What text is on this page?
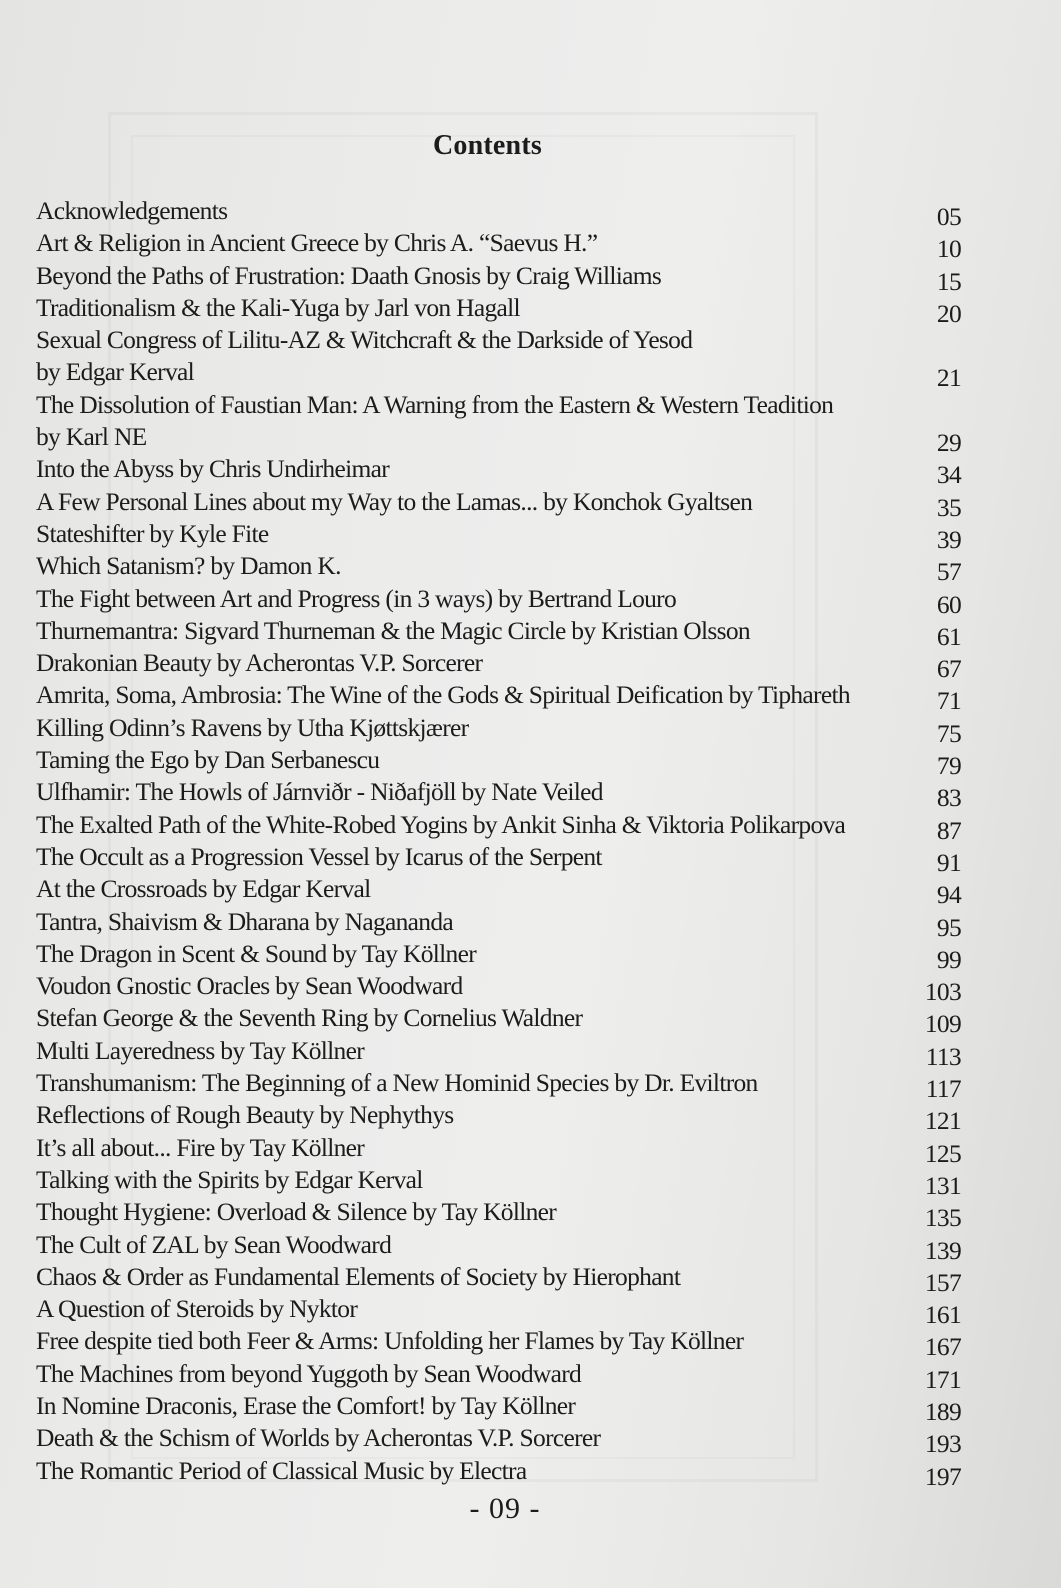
Contents
Acknowledgements	05
Art & Religion in Ancient Greece by Chris A. “Saevus H.”	10
Beyond the Paths of Frustration: Daath Gnosis by Craig Williams	15
Traditionalism & the Kali-Yuga by Jarl von Hagall	20
Sexual Congress of Lilitu-AZ & Witchcraft & the Darkside of Yesod
by Edgar Kerval	21
The Dissolution of Faustian Man: A Warning from the Eastern & Western Teadition
by Karl NE	29
Into the Abyss by Chris Undirheimar	34
A Few Personal Lines about my Way to the Lamas... by Konchok Gyaltsen	35
Stateshifter by Kyle Fite	39
Which Satanism? by Damon K.	57
The Fight between Art and Progress (in 3 ways) by Bertrand Louro	60
Thurnemantra: Sigvard Thurneman & the Magic Circle by Kristian Olsson	61
Drakonian Beauty by Acherontas V.P. Sorcerer	67
Amrita, Soma, Ambrosia: The Wine of the Gods & Spiritual Deification by Tiphareth	71
Killing Odinn’s Ravens by Utha Kjøttskjærer	75
Taming the Ego by Dan Serbanescu	79
Ulfhamir: The Howls of Járnviðr - Niðafjöll by Nate Veiled	83
The Exalted Path of the White-Robed Yogins by Ankit Sinha & Viktoria Polikarpova	87
The Occult as a Progression Vessel by Icarus of the Serpent	91
At the Crossroads by Edgar Kerval	94
Tantra, Shaivism & Dharana by Nagananda	95
The Dragon in Scent & Sound by Tay Köllner	99
Voudon Gnostic Oracles by Sean Woodward	103
Stefan George & the Seventh Ring by Cornelius Waldner	109
Multi Layeredness by Tay Köllner	113
Transhumanism: The Beginning of a New Hominid Species by Dr. Eviltron	117
Reflections of Rough Beauty by Nephythys	121
It’s all about... Fire by Tay Köllner	125
Talking with the Spirits by Edgar Kerval	131
Thought Hygiene: Overload & Silence by Tay Köllner	135
The Cult of ZAL by Sean Woodward	139
Chaos & Order as Fundamental Elements of Society by Hierophant	157
A Question of Steroids by Nyktor	161
Free despite tied both Feer & Arms: Unfolding her Flames by Tay Köllner	167
The Machines from beyond Yuggoth by Sean Woodward	171
In Nomine Draconis, Erase the Comfort! by Tay Köllner	189
Death & the Schism of Worlds by Acherontas V.P. Sorcerer	193
The Romantic Period of Classical Music by Electra	197
- 09 -
